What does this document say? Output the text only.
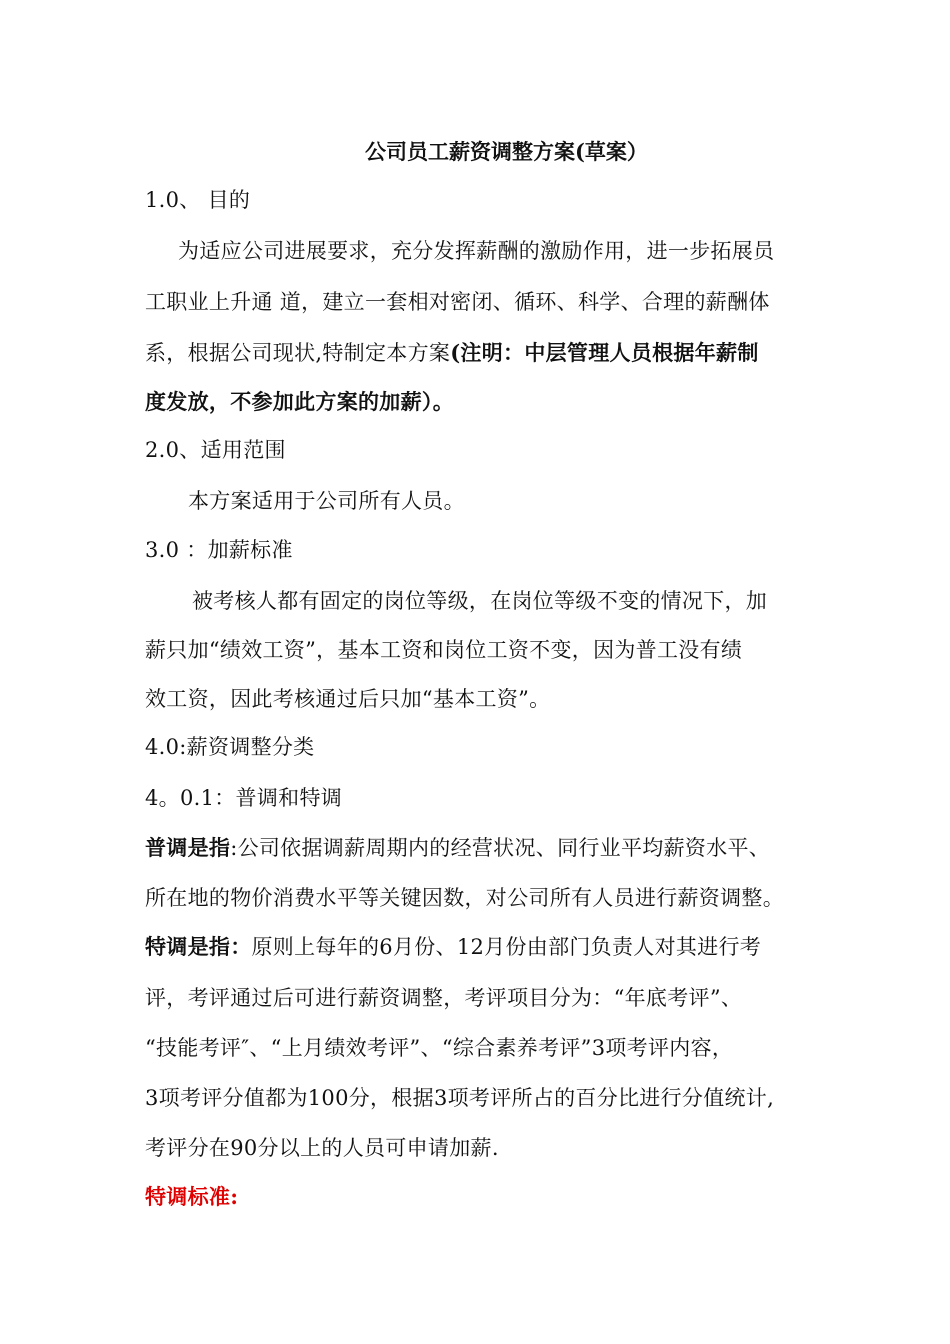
公司员工薪资调整方案(草案）
1.0、 目的
为适应公司进展要求，充分发挥薪酬的激励作用，进一步拓展员
工职业上升通 道，建立一套相对密闭、循环、科学、合理的薪酬体
系，根据公司现状,特制定本方案(注明：中层管理人员根据年薪制
度发放，不参加此方案的加薪）。
2.0、适用范围
本方案适用于公司所有人员。
3.0 ：加薪标准
被考核人都有固定的岗位等级，在岗位等级不变的情况下，加
薪只加“绩效工资”，基本工资和岗位工资不变，因为普工没有绩
效工资，因此考核通过后只加“基本工资”。
4.0:薪资调整分类
4。0.1：普调和特调
普调是指:公司依据调薪周期内的经营状况、同行业平均薪资水平、
所在地的物价消费水平等关键因数，对公司所有人员进行薪资调整。
特调是指：原则上每年的6月份、12月份由部门负责人对其进行考
评，考评通过后可进行薪资调整，考评项目分为：“年底考评”、
“技能考评″、“上月绩效考评”、“综合素养考评”3项考评内容，
3项考评分值都为100分，根据3项考评所占的百分比进行分值统计,
考评分在90分以上的人员可申请加薪.
特调标准:
